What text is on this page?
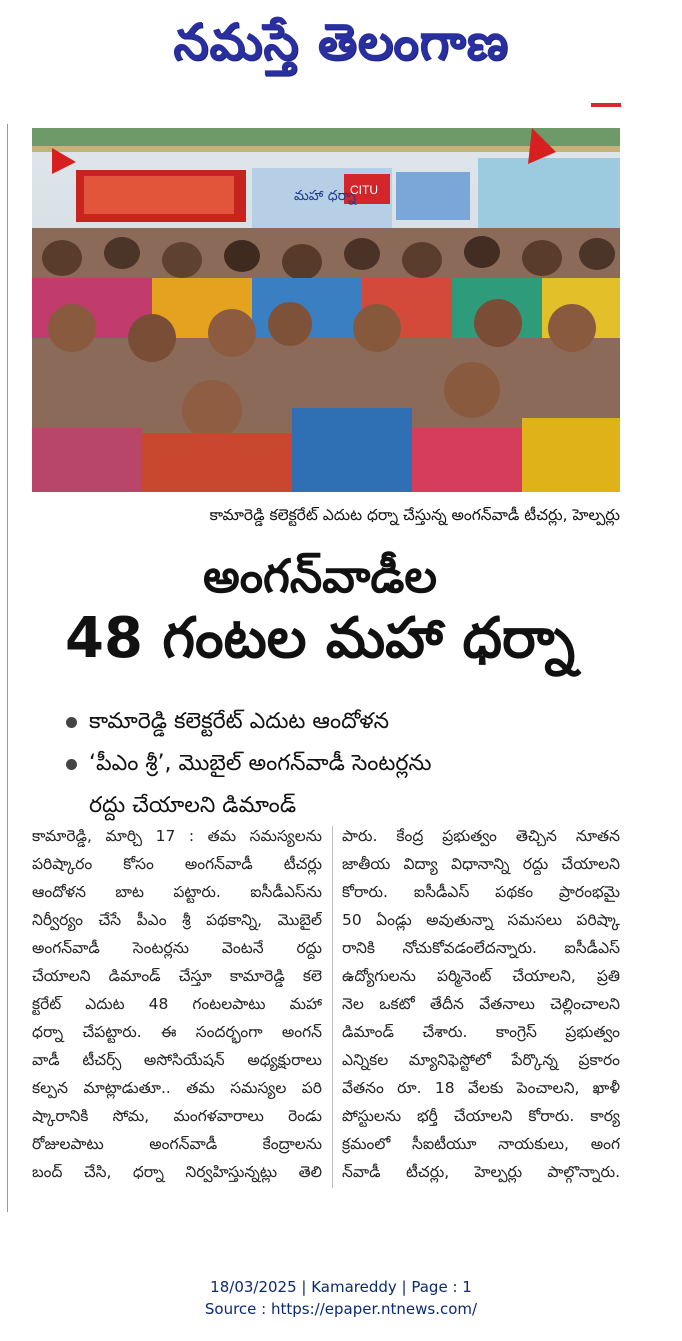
నమస్తే తెలంగాణ
CITU
మహా ధర్నా
కామారెడ్డి కలెక్టరేట్ ఎదుట ధర్నా చేస్తున్న అంగన్‌వాడీ టీచర్లు, హెల్పర్లు
అంగన్‌వాడీల
48 గంటల మహా ధర్నా
కామారెడ్డి కలెక్టరేట్ ఎదుట ఆందోళన
‘పీఎం శ్రీ’, మొబైల్ అంగన్‌వాడీ సెంటర్లను
రద్దు చేయాలని డిమాండ్
కామారెడ్డి, మార్చి 17 : తమ సమస్యలను
పరిష్కారం కోసం అంగన్‌వాడీ టీచర్లు
ఆందోళన బాట పట్టారు. ఐసీడీఎస్‌ను
నిర్వీర్యం చేసే పీఎం శ్రీ పథకాన్ని, మొబైల్
అంగన్‌వాడీ సెంటర్లను వెంటనే రద్దు
చేయాలని డిమాండ్ చేస్తూ కామారెడ్డి కలె
క్టరేట్ ఎదుట 48 గంటలపాటు మహా
ధర్నా చేపట్టారు. ఈ సందర్భంగా అంగన్
వాడీ టీచర్స్ అసోసియేషన్ అధ్యక్షురాలు
కల్పన మాట్లాడుతూ.. తమ సమస్యల పరి
ష్కారానికి సోమ, మంగళవారాలు రెండు
రోజులపాటు అంగన్‌వాడీ కేంద్రాలను
బంద్ చేసి, ధర్నా నిర్వహిస్తున్నట్లు తెలి
పారు. కేంద్ర ప్రభుత్వం తెచ్చిన నూతన
జాతీయ విద్యా విధానాన్ని రద్దు చేయాలని
కోరారు. ఐసీడీఎస్ పథకం ప్రారంభమై
50 ఏండ్లు అవుతున్నా సమసలు పరిష్కా
రానికి నోచుకోవడంలేదన్నారు. ఐసీడీఎస్
ఉద్యోగులను పర్మినెంట్ చేయాలని, ప్రతి
నెల ఒకటో తేదీన వేతనాలు చెల్లించాలని
డిమాండ్ చేశారు. కాంగ్రెస్ ప్రభుత్వం
ఎన్నికల మ్యానిఫెస్టోలో పేర్కొన్న ప్రకారం
వేతనం రూ. 18 వేలకు పెంచాలని, ఖాళీ
పోస్టులను భర్తీ చేయాలని కోరారు. కార్య
క్రమంలో సీఐటీయూ నాయకులు, అంగ
న్‌వాడీ టీచర్లు, హెల్పర్లు పాల్గొన్నారు.
18/03/2025 | Kamareddy | Page : 1
Source : https://epaper.ntnews.com/
